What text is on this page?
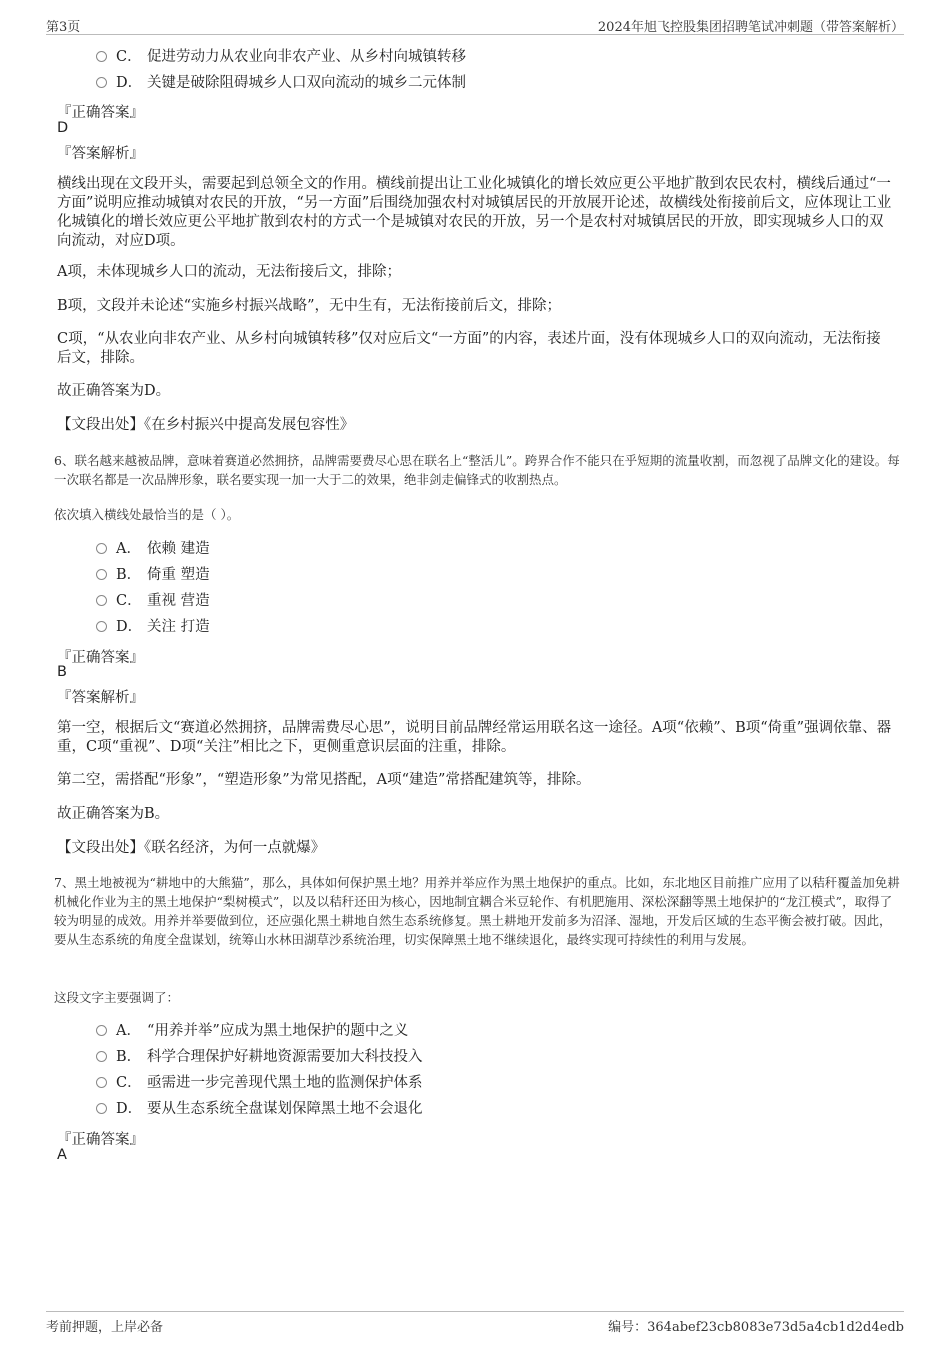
第3页	2024年旭飞控股集团招聘笔试冲刺题（带答案解析）
C． 促进劳动力从农业向非农产业、从乡村向城镇转移
D． 关键是破除阻碍城乡人口双向流动的城乡二元体制
『正确答案』
D
『答案解析』
横线出现在文段开头，需要起到总领全文的作用。横线前提出让工业化城镇化的增长效应更公平地扩散到农民农村，横线后通过“一方面”说明应推动城镇对农民的开放，“另一方面”后围绕加强农村对城镇居民的开放展开论述，故横线处衔接前后文，应体现让工业化城镇化的增长效应更公平地扩散到农村的方式一个是城镇对农民的开放，另一个是农村对城镇居民的开放，即实现城乡人口的双向流动，对应D项。
A项，未体现城乡人口的流动，无法衔接后文，排除；
B项，文段并未论述“实施乡村振兴战略”，无中生有，无法衔接前后文，排除；
C项，“从农业向非农产业、从乡村向城镇转移”仅对应后文“一方面”的内容，表述片面，没有体现城乡人口的双向流动，无法衔接后文，排除。
故正确答案为D。
【文段出处】《在乡村振兴中提高发展包容性》
6、联名越来越被品牌，意味着赛道必然拥挤，品牌需要费尽心思在联名上“整活儿”。跨界合作不能只在乎短期的流量收割，而忽视了品牌文化的建设。每一次联名都是一次品牌形象，联名要实现一加一大于二的效果，绝非剑走偏锋式的收割热点。
依次填入横线处最恰当的是（ ）。
A． 依赖 建造
B． 倚重 塑造
C． 重视 营造
D． 关注 打造
『正确答案』
B
『答案解析』
第一空，根据后文“赛道必然拥挤，品牌需费尽心思”，说明目前品牌经常运用联名这一途径。A项“依赖”、B项“倚重”强调依靠、器重，C项“重视”、D项“关注”相比之下，更侧重意识层面的注重，排除。
第二空，需搭配“形象”，“塑造形象”为常见搭配，A项“建造”常搭配建筑等，排除。
故正确答案为B。
【文段出处】《联名经济，为何一点就爆》
7、黑土地被视为“耕地中的大熊猫”，那么，具体如何保护黑土地？用养并举应作为黑土地保护的重点。比如，东北地区目前推广应用了以秸秆覆盖加免耕机械化作业为主的黑土地保护“梨树模式”，以及以秸秆还田为核心，因地制宜耦合米豆轮作、有机肥施用、深松深翻等黑土地保护的“龙江模式”，取得了较为明显的成效。用养并举要做到位，还应强化黑土耕地自然生态系统修复。黑土耕地开发前多为沼泽、湿地，开发后区域的生态平衡会被打破。因此，要从生态系统的角度全盘谋划，统筹山水林田湖草沙系统治理，切实保障黑土地不继续退化，最终实现可持续性的利用与发展。
这段文字主要强调了：
A． “用养并举”应成为黑土地保护的题中之义
B． 科学合理保护好耕地资源需要加大科技投入
C． 亟需进一步完善现代黑土地的监测保护体系
D． 要从生态系统全盘谋划保障黑土地不会退化
『正确答案』
A
考前押题，上岸必备	编号：364abef23cb8083e73d5a4cb1d2d4edb
